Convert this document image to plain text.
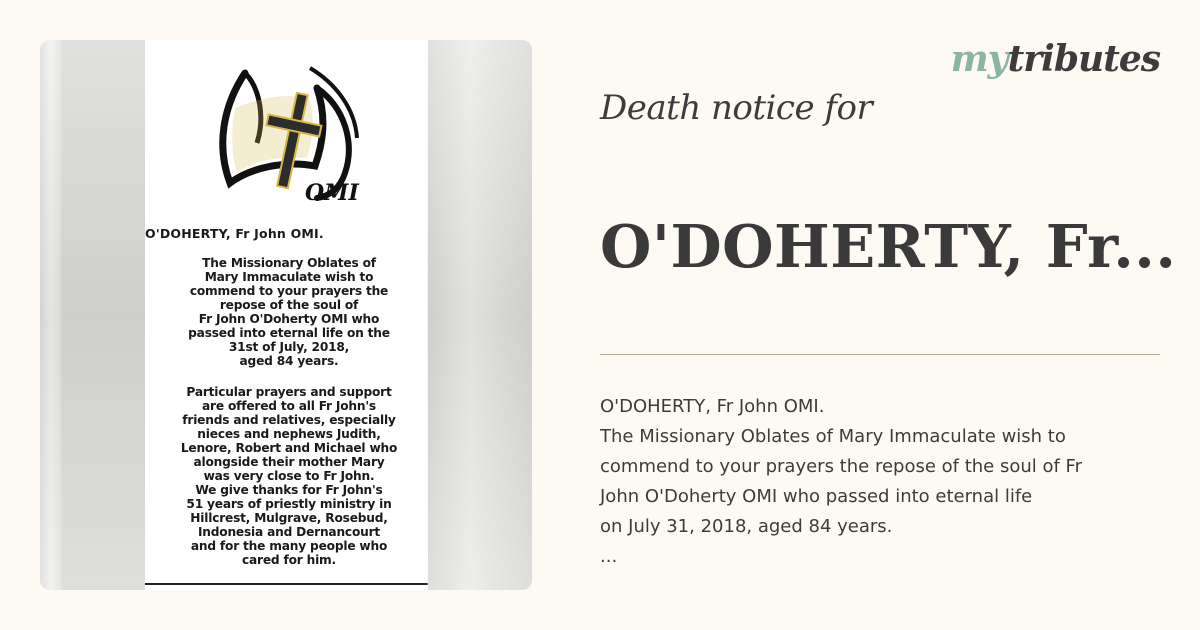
OMI
O'DOHERTY, Fr John OMI.
The Missionary Oblates of
Mary Immaculate wish to
commend to your prayers the
repose of the soul of
Fr John O'Doherty OMI who
passed into eternal life on the
31st of July, 2018,
aged 84 years.
Particular prayers and support
are offered to all Fr John's
friends and relatives, especially
nieces and nephews Judith,
Lenore, Robert and Michael who
alongside their mother Mary
was very close to Fr John.
We give thanks for Fr John's
51 years of priestly ministry in
Hillcrest, Mulgrave, Rosebud,
Indonesia and Dernancourt
and for the many people who
cared for him.
mytributes
Death notice for
O'DOHERTY, Fr...
O'DOHERTY, Fr John OMI.
The Missionary Oblates of Mary Immaculate wish to
commend to your prayers the repose of the soul of Fr
John O'Doherty OMI who passed into eternal life
on July 31, 2018, aged 84 years.
...
